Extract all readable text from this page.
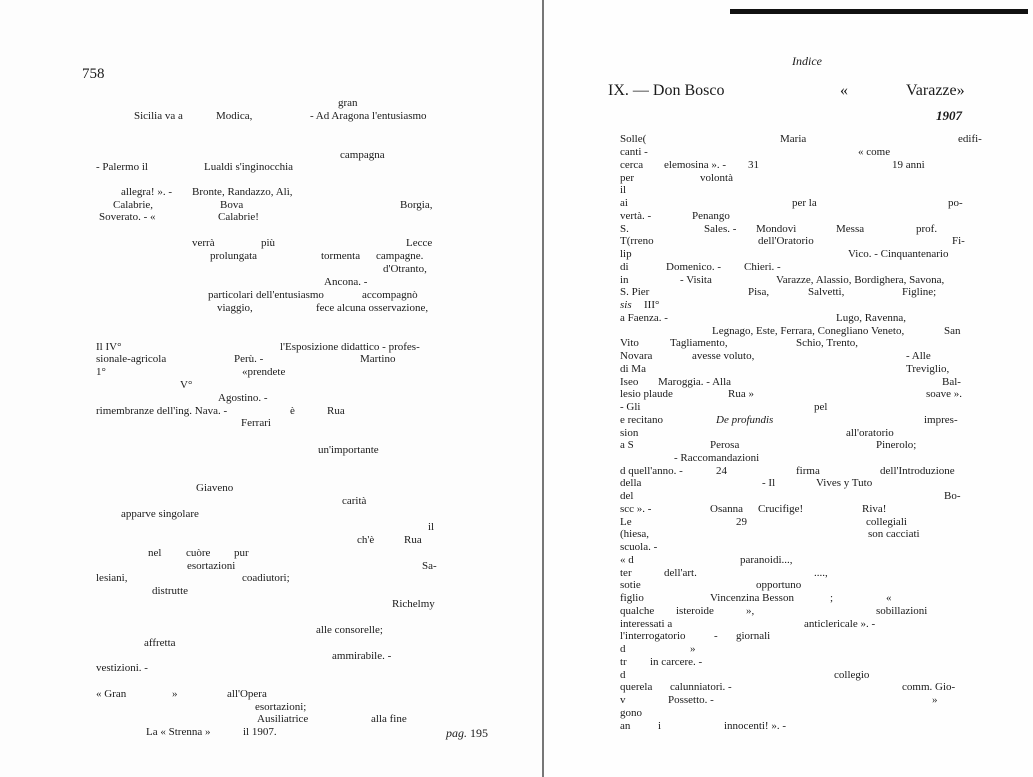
758
gran
Sicilia va a	Modica,	- Ad Aragona l'entusiasmo
campagna
- Palermo il	Lualdi s'inginocchia
allegra! ». - Bronte, Randazzo, Alì,
Calabrie,	Bova	Borgia,
Soverato. - «	Calabrie!
verrà	più	Lecce
prolungata	tormenta campagne.
d'Otranto,
Ancona. -
particolari dell'entusiasmo	accompagnò
viaggio,	fece alcuna osservazione,
Il IV°	l'Esposizione didattico - profes-
sionale-agricola	Perù. -	Martino
1°	«prendete
V°
Agostino. -
rimembranze dell'ing. Nava. -	è	Rua
Ferrari
un'importante
Giaveno
carità
apparve singolare
il
ch'è	Rua
nel cuòre pur
esortazioni	Sa-
lesiani,	coadiutori;
distrutte
Richelmy
alle consorelle;
affretta
ammirabile. -
vestizioni. -
« Gran	»	all'Opera
esortazioni;
Ausiliatrice	alla fine
La « Strenna »	il 1907.	pag. 195
Indice
IX. — Don Bosco	«	Varazze»
1907
Solle(	Maria	edifi-
canti -	« come
cerca elemosina ». - 31	19 anni
per	volontà
il
ai	per la	po-
vertà. -	Penango
S.	Sales. - Mondovì	Messa	prof.
T(rreno	dell'Oratorio	Fi-
lip	Vico. - Cinquantenario
di	Domenico. - Chieri. -
in	- Visita	Varazze, Alassio, Bordighera, Savona,
S. Pier	Pisa,	Salvetti,	Figline;
sis III°
a Faenza. -	Lugo, Ravenna,
Legnago, Este, Ferrara, Conegliano Veneto,	San
Vito	Tagliamento,	Schio, Trento,
Novara	avesse voluto,	- Alle
di Ma	Treviglio,
Iseo Maroggia. - Alla	Bal-
lesio plaude	Rua »	soave ».
- Gli	pel
e recitano	De profundis	impres-
sion	all'oratorio
a S	Perosa	Pinerolo;
- Raccomandazioni
d quell'anno. -	24	firma	dell'Introduzione
della	- Il	Vives y Tuto
del	Bo-
scc ». -	Osanna Crucifige!	Riva!
Le	29	collegiali
(hiesa,	son cacciati
scuola. -
« d	paranoidi...,
ter	dell'art.	....,
sotie	opportuno
figlio	Vincenzina Besson	;	«
qualche isteroide	»,	sobillazioni
interessati a	anticlericale ». -
l'interrogatorio	- giornali
d	»
tr in carcere. -
d	collegio
querela calunniatori. -	comm. Gio-
v	Possetto. -	»
gono
an	i	innocenti! ». -
